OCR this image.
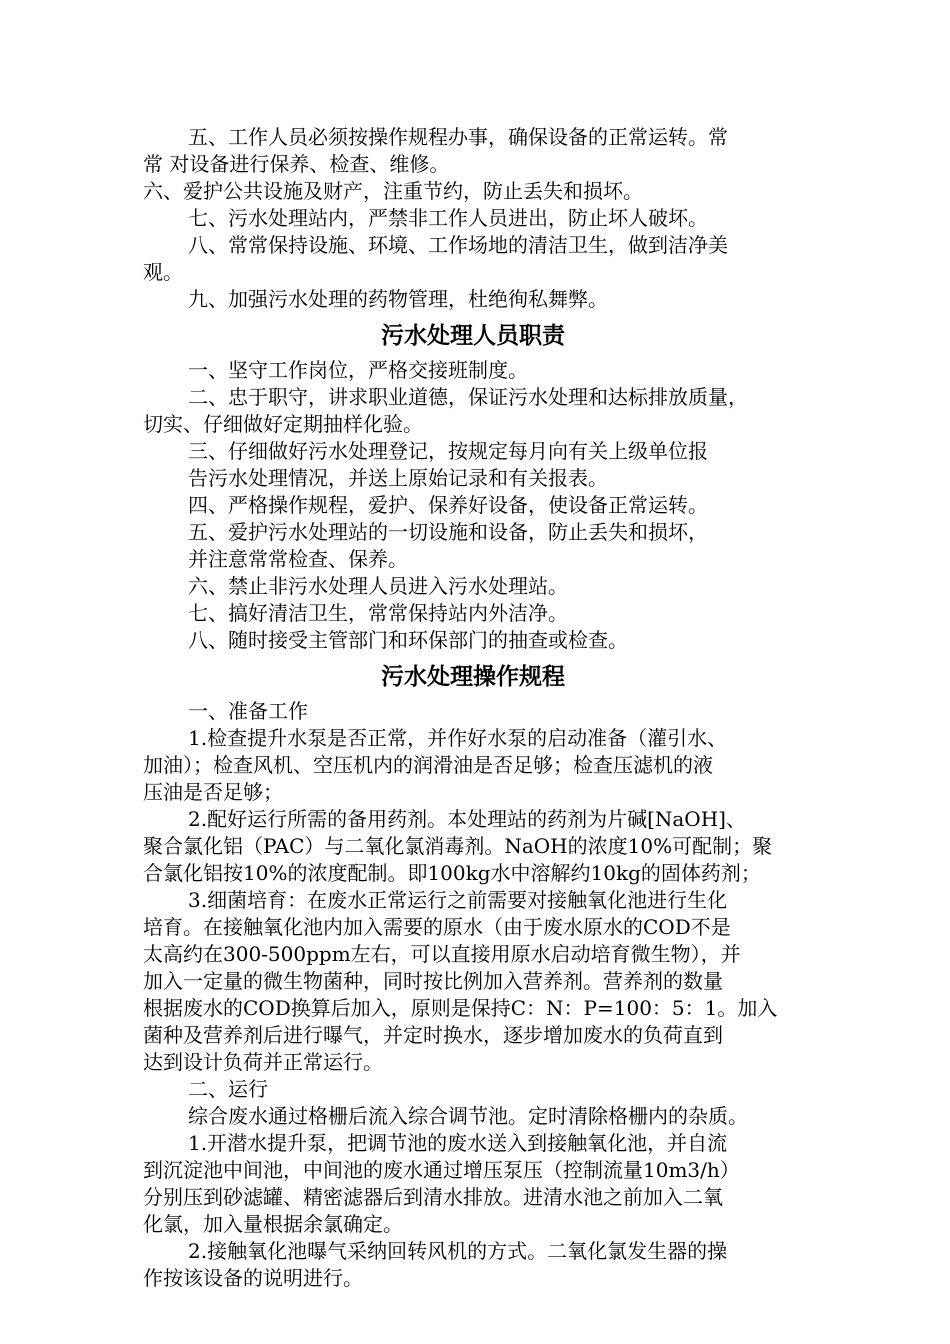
五、工作人员必须按操作规程办事，确保设备的正常运转。常
常 对设备进行保养、检查、维修。
六、爱护公共设施及财产，注重节约，防止丢失和损坏。
七、污水处理站内，严禁非工作人员进出，防止坏人破坏。
八、常常保持设施、环境、工作场地的清洁卫生，做到洁净美
观。
九、加强污水处理的药物管理，杜绝徇私舞弊。
污水处理人员职责
一、坚守工作岗位，严格交接班制度。
二、忠于职守，讲求职业道德，保证污水处理和达标排放质量，
切实、仔细做好定期抽样化验。
三、仔细做好污水处理登记，按规定每月向有关上级单位报
告污水处理情况，并送上原始记录和有关报表。
四、严格操作规程，爱护、保养好设备，使设备正常运转。
五、爱护污水处理站的一切设施和设备，防止丢失和损坏，
并注意常常检查、保养。
六、禁止非污水处理人员进入污水处理站。
七、搞好清洁卫生，常常保持站内外洁净。
八、随时接受主管部门和环保部门的抽查或检查。
污水处理操作规程
一、准备工作
1.检查提升水泵是否正常，并作好水泵的启动准备（灌引水、
加油）；检查风机、空压机内的润滑油是否足够；检查压滤机的液
压油是否足够；
2.配好运行所需的备用药剂。本处理站的药剂为片碱[NaOH]、
聚合氯化铝（PAC）与二氧化氯消毒剂。NaOH的浓度10%可配制；聚
合氯化铝按10%的浓度配制。即100kg水中溶解约10kg的固体药剂；
3.细菌培育：在废水正常运行之前需要对接触氧化池进行生化
培育。在接触氧化池内加入需要的原水（由于废水原水的COD不是
太高约在300-500ppm左右，可以直接用原水启动培育微生物），并
加入一定量的微生物菌种，同时按比例加入营养剂。营养剂的数量
根据废水的COD换算后加入，原则是保持C：N：P=100：5：1。加入
菌种及营养剂后进行曝气，并定时换水，逐步增加废水的负荷直到
达到设计负荷并正常运行。
二、运行
综合废水通过格栅后流入综合调节池。定时清除格栅内的杂质。
1.开潜水提升泵，把调节池的废水送入到接触氧化池，并自流
到沉淀池中间池，中间池的废水通过增压泵压（控制流量10m3/h）
分别压到砂滤罐、精密滤器后到清水排放。进清水池之前加入二氧
化氯，加入量根据余氯确定。
2.接触氧化池曝气采纳回转风机的方式。二氧化氯发生器的操
作按该设备的说明进行。
